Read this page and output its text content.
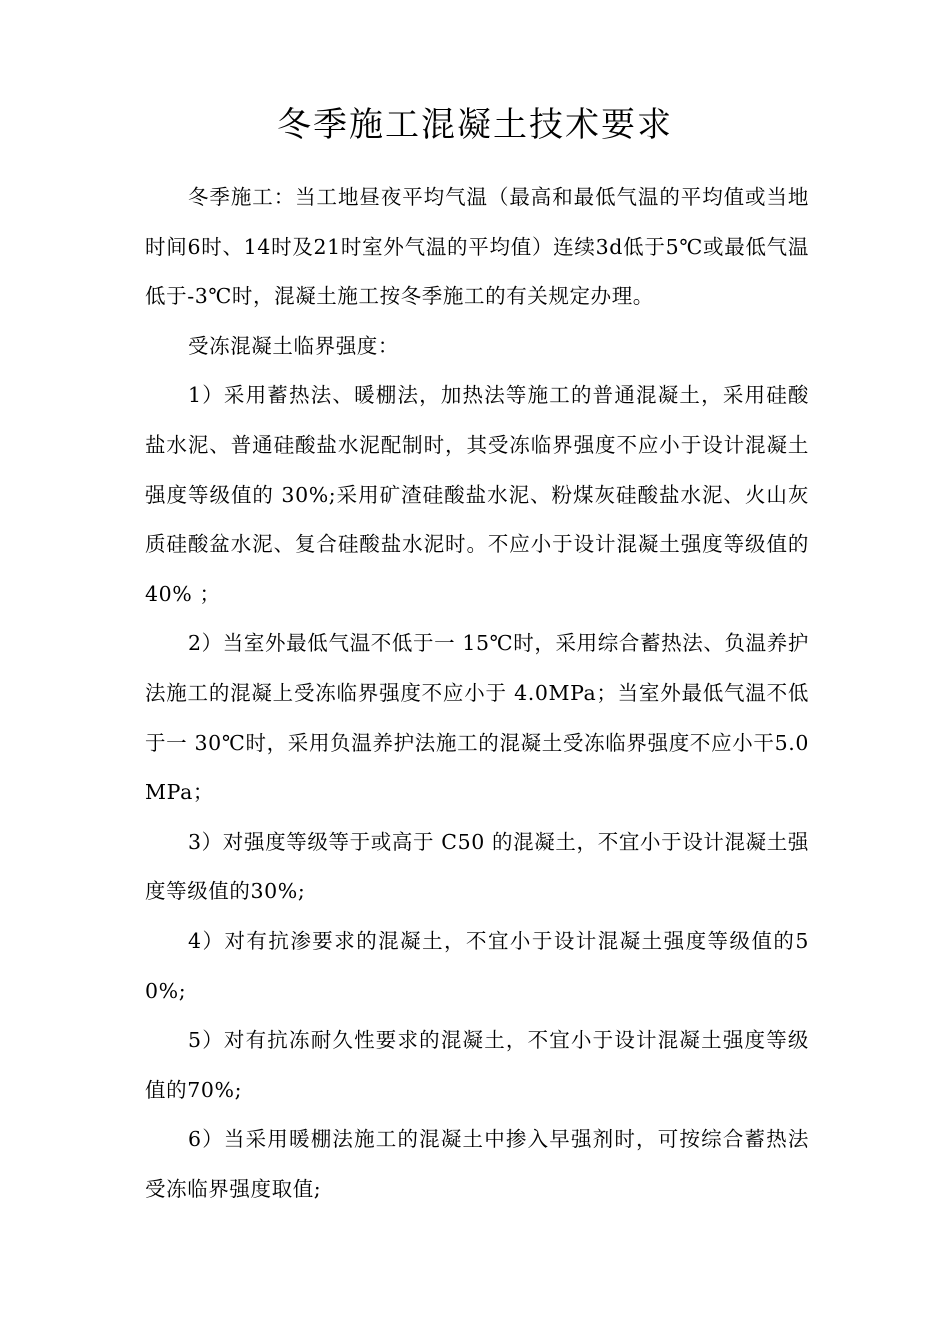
冬季施工混凝土技术要求

冬季施工：当工地昼夜平均气温（最高和最低气温的平均值或当地时间6时、14时及21时室外气温的平均值）连续3d低于5℃或最低气温低于-3℃时，混凝土施工按冬季施工的有关规定办理。

受冻混凝土临界强度：

1）采用蓄热法、暖棚法，加热法等施工的普通混凝土，采用硅酸盐水泥、普通硅酸盐水泥配制时，其受冻临界强度不应小于设计混凝土强度等级值的 30%;采用矿渣硅酸盐水泥、粉煤灰硅酸盐水泥、火山灰质硅酸盆水泥、复合硅酸盐水泥时。不应小于设计混凝土强度等级值的40% ；

2）当室外最低气温不低于一 15℃时，采用综合蓄热法、负温养护法施工的混凝上受冻临界强度不应小于 4.0MPa；当室外最低气温不低于一 30℃时，采用负温养护法施工的混凝土受冻临界强度不应小干5.0MPa；

3）对强度等级等于或高于 C50 的混凝土，不宜小于设计混凝土强度等级值的30%;

4）对有抗渗要求的混凝土，不宜小于设计混凝土强度等级值的50%;

5）对有抗冻耐久性要求的混凝土，不宜小于设计混凝土强度等级值的70%;

6）当采用暖棚法施工的混凝土中掺入早强剂时，可按综合蓄热法受冻临界强度取值;
